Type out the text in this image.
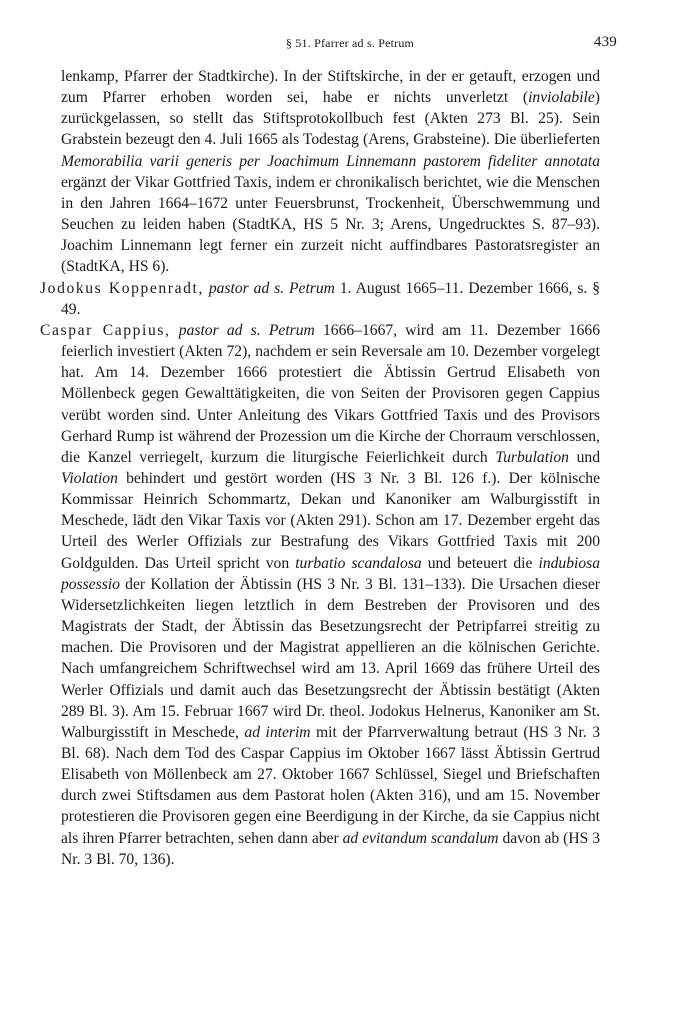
§ 51. Pfarrer ad s. Petrum	439

lenkamp, Pfarrer der Stadtkirche). In der Stiftskirche, in der er getauft, erzogen und zum Pfarrer erhoben worden sei, habe er nichts unverletzt (inviolabile) zurückgelassen, so stellt das Stiftsprotokollbuch fest (Akten 273 Bl. 25). Sein Grabstein bezeugt den 4. Juli 1665 als Todestag (Arens, Grabsteine). Die überlieferten Memorabilia varii generis per Joachimum Linnemann pastorem fideliter annotata ergänzt der Vikar Gottfried Taxis, indem er chronikalisch berichtet, wie die Menschen in den Jahren 1664–1672 unter Feuersbrunst, Trockenheit, Überschwemmung und Seuchen zu leiden haben (StadtKA, HS 5 Nr. 3; Arens, Ungedrucktes S. 87–93). Joachim Linnemann legt ferner ein zurzeit nicht auffindbares Pastoratsregister an (StadtKA, HS 6).

Jodokus Koppenradt, pastor ad s. Petrum 1. August 1665–11. Dezember 1666, s. § 49.

Caspar Cappius, pastor ad s. Petrum 1666–1667, wird am 11. Dezember 1666 feierlich investiert (Akten 72), nachdem er sein Reversale am 10. Dezember vorgelegt hat. Am 14. Dezember 1666 protestiert die Äbtissin Gertrud Elisabeth von Möllenbeck gegen Gewalttätigkeiten, die von Seiten der Provisoren gegen Cappius verübt worden sind. Unter Anleitung des Vikars Gottfried Taxis und des Provisors Gerhard Rump ist während der Prozession um die Kirche der Chorraum verschlossen, die Kanzel verriegelt, kurzum die liturgische Feierlichkeit durch Turbulation und Violation behindert und gestört worden (HS 3 Nr. 3 Bl. 126 f.). Der kölnische Kommissar Heinrich Schommartz, Dekan und Kanoniker am Walburgisstift in Meschede, lädt den Vikar Taxis vor (Akten 291). Schon am 17. Dezember ergeht das Urteil des Werler Offizials zur Bestrafung des Vikars Gottfried Taxis mit 200 Goldgulden. Das Urteil spricht von turbatio scandalosa und beteuert die indubiosa possessio der Kollation der Äbtissin (HS 3 Nr. 3 Bl. 131–133). Die Ursachen dieser Widersetzlichkeiten liegen letztlich in dem Bestreben der Provisoren und des Magistrats der Stadt, der Äbtissin das Besetzungsrecht der Petripfarrei streitig zu machen. Die Provisoren und der Magistrat appellieren an die kölnischen Gerichte. Nach umfangreichem Schriftwechsel wird am 13. April 1669 das frühere Urteil des Werler Offizials und damit auch das Besetzungsrecht der Äbtissin bestätigt (Akten 289 Bl. 3). Am 15. Februar 1667 wird Dr. theol. Jodokus Helnerus, Kanoniker am St. Walburgisstift in Meschede, ad interim mit der Pfarrverwaltung betraut (HS 3 Nr. 3 Bl. 68). Nach dem Tod des Caspar Cappius im Oktober 1667 lässt Äbtissin Gertrud Elisabeth von Möllenbeck am 27. Oktober 1667 Schlüssel, Siegel und Briefschaften durch zwei Stiftsdamen aus dem Pastorat holen (Akten 316), und am 15. November protestieren die Provisoren gegen eine Beerdigung in der Kirche, da sie Cappius nicht als ihren Pfarrer betrachten, sehen dann aber ad evitandum scandalum davon ab (HS 3 Nr. 3 Bl. 70, 136).
